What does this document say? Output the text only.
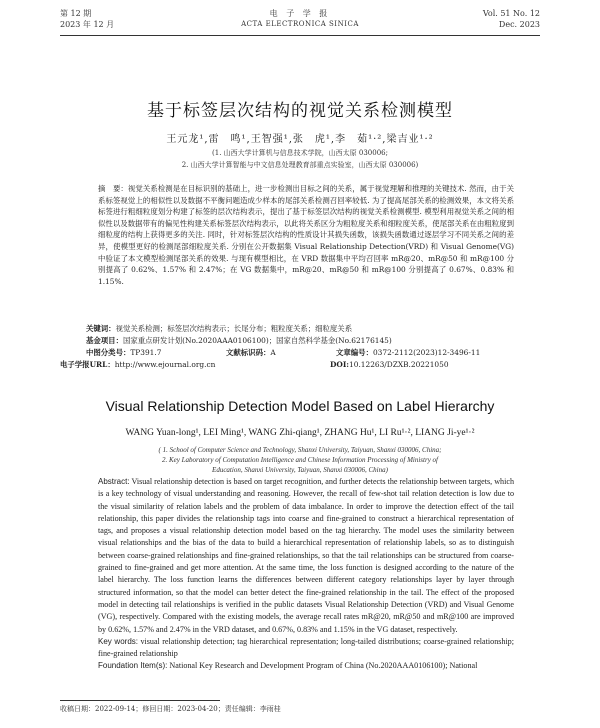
第 12 期
2023 年 12 月
电 子 学 报
ACTA ELECTRONICA SINICA
Vol. 51 No. 12
Dec. 2023
基于标签层次结构的视觉关系检测模型
王元龙¹,雷　鸣¹,王智强¹,张　虎¹,李　茹¹·²,梁吉业¹·²
(1. 山西大学计算机与信息技术学院，山西太原 030006;
2. 山西大学计算智能与中文信息处理教育部重点实验室，山西太原 030006)

摘　要：视觉关系检测是在目标识别的基础上，进一步检测出目标之间的关系，属于视觉理解和推理的关键技术. 然而，由于关系标签视觉上的相似性以及数据不平衡问题造成少样本的尾部关系检测召回率较低. 为了提高尾部关系的检测效果，本文将关系标签进行粗细粒度划分构建了标签的层次结构表示，提出了基于标签层次结构的视觉关系检测模型. 模型利用视觉关系之间的相似性以及数据带有的偏见性构建关系标签层次结构表示，以此将关系区分为粗粒度关系和细粒度关系，使尾部关系在由粗粒度到细粒度的结构上获得更多的关注. 同时，针对标签层次结构的性质设计其损失函数，该损失函数通过逐层学习不同关系之间的差异，使模型更好的检测尾部细粒度关系. 分别在公开数据集 Visual Relationship Detection(VRD) 和 Visual Genome(VG) 中验证了本文模型检测尾部关系的效果. 与现有模型相比，在 VRD 数据集中平均召回率 mR@20、mR@50 和 mR@100 分别提高了 0.62%、1.57% 和 2.47%；在 VG 数据集中，mR@20、mR@50 和 mR@100 分别提高了 0.67%、0.83% 和 1.15%.

关键词：视觉关系检测；标签层次结构表示；长尾分布；粗粒度关系；细粒度关系
基金项目：国家重点研发计划(No.2020AAA0106100)；国家自然科学基金(No.62176145)
中图分类号：TP391.7	文献标识码：A	文章编号：0372-2112(2023)12-3496-11
电子学报URL：http://www.ejournal.org.cn	DOI:10.12263/DZXB.20221050
Visual Relationship Detection Model Based on Label Hierarchy
WANG Yuan-long¹, LEI Ming¹, WANG Zhi-qiang¹, ZHANG Hu¹, LI Ru¹·², LIANG Ji-ye¹·²
( 1. School of Computer Science and Technology, Shanxi University, Taiyuan, Shanxi 030006, China;
2. Key Laboratory of Computation Intelligence and Chinese Information Processing of Ministry of
Education, Shanxi University, Taiyuan, Shanxi 030006, China)

Abstract: Visual relationship detection is based on target recognition, and further detects the relationship between targets, which is a key technology of visual understanding and reasoning. However, the recall of few-shot tail relation detection is low due to the visual similarity of relation labels and the problem of data imbalance. In order to improve the detection effect of the tail relationship, this paper divides the relationship tags into coarse and fine-grained to construct a hierarchical representation of tags, and proposes a visual relationship detection model based on the tag hierarchy. The model uses the similarity between visual relationships and the bias of the data to build a hierarchical representation of relationship labels, so as to distinguish between coarse-grained relationships and fine-grained relationships, so that the tail relationships can be structured from coarse-grained to fine-grained and get more attention. At the same time, the loss function is designed according to the nature of the label hierarchy. The loss function learns the differences between different category relationships layer by layer through structured information, so that the model can better detect the fine-grained relationship in the tail. The effect of the proposed model in detecting tail relationships is verified in the public datasets Visual Relationship Detection (VRD) and Visual Genome (VG), respectively. Compared with the existing models, the average recall rates mR@20, mR@50 and mR@100 are improved by 0.62%, 1.57% and 2.47% in the VRD dataset, and 0.67%, 0.83% and 1.15% in the VG dataset, respectively.

Key words: visual relationship detection; tag hierarchical representation; long-tailed distributions; coarse-grained relationship; fine-grained relationship

Foundation Item(s): National Key Research and Development Program of China (No.2020AAA0106100); National

收稿日期：2022-09-14；修回日期：2023-04-20；责任编辑：李雨桂
